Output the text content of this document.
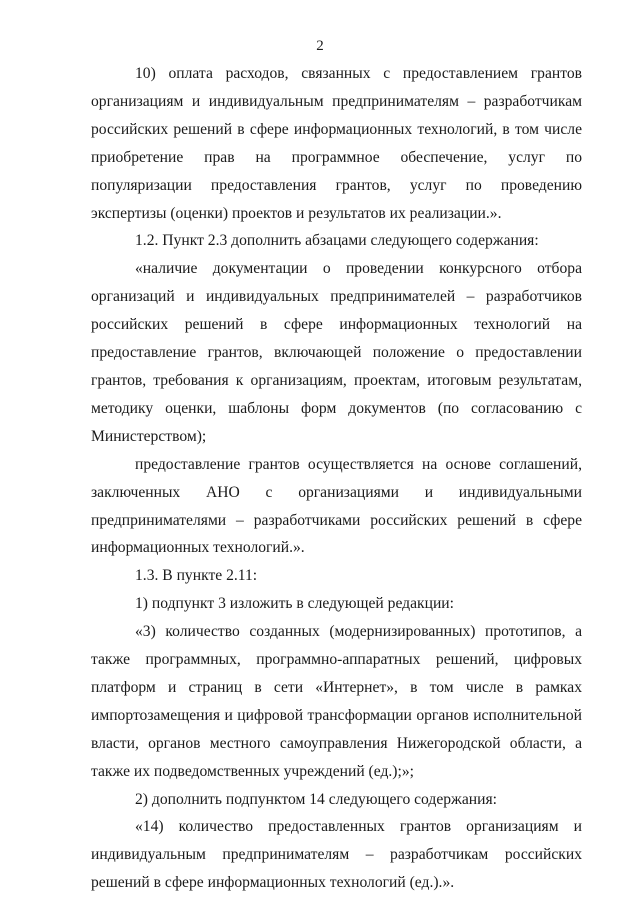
2

10) оплата расходов, связанных с предоставлением грантов организациям и индивидуальным предпринимателям – разработчикам российских решений в сфере информационных технологий, в том числе приобретение прав на программное обеспечение, услуг по популяризации предоставления грантов, услуг по проведению экспертизы (оценки) проектов и результатов их реализации.».

1.2. Пункт 2.3 дополнить абзацами следующего содержания:

«наличие документации о проведении конкурсного отбора организаций и индивидуальных предпринимателей – разработчиков российских решений в сфере информационных технологий на предоставление грантов, включающей положение о предоставлении грантов, требования к организациям, проектам, итоговым результатам, методику оценки, шаблоны форм документов (по согласованию с Министерством);

предоставление грантов осуществляется на основе соглашений, заключенных АНО с организациями и индивидуальными предпринимателями – разработчиками российских решений в сфере информационных технологий.».

1.3. В пункте 2.11:

1) подпункт 3 изложить в следующей редакции:

«3) количество созданных (модернизированных) прототипов, а также программных, программно-аппаратных решений, цифровых платформ и страниц в сети «Интернет», в том числе в рамках импортозамещения и цифровой трансформации органов исполнительной власти, органов местного самоуправления Нижегородской области, а также их подведомственных учреждений (ед.);»;

2) дополнить подпунктом 14 следующего содержания:

«14) количество предоставленных грантов организациям и индивидуальным предпринимателям – разработчикам российских решений в сфере информационных технологий (ед.).».
